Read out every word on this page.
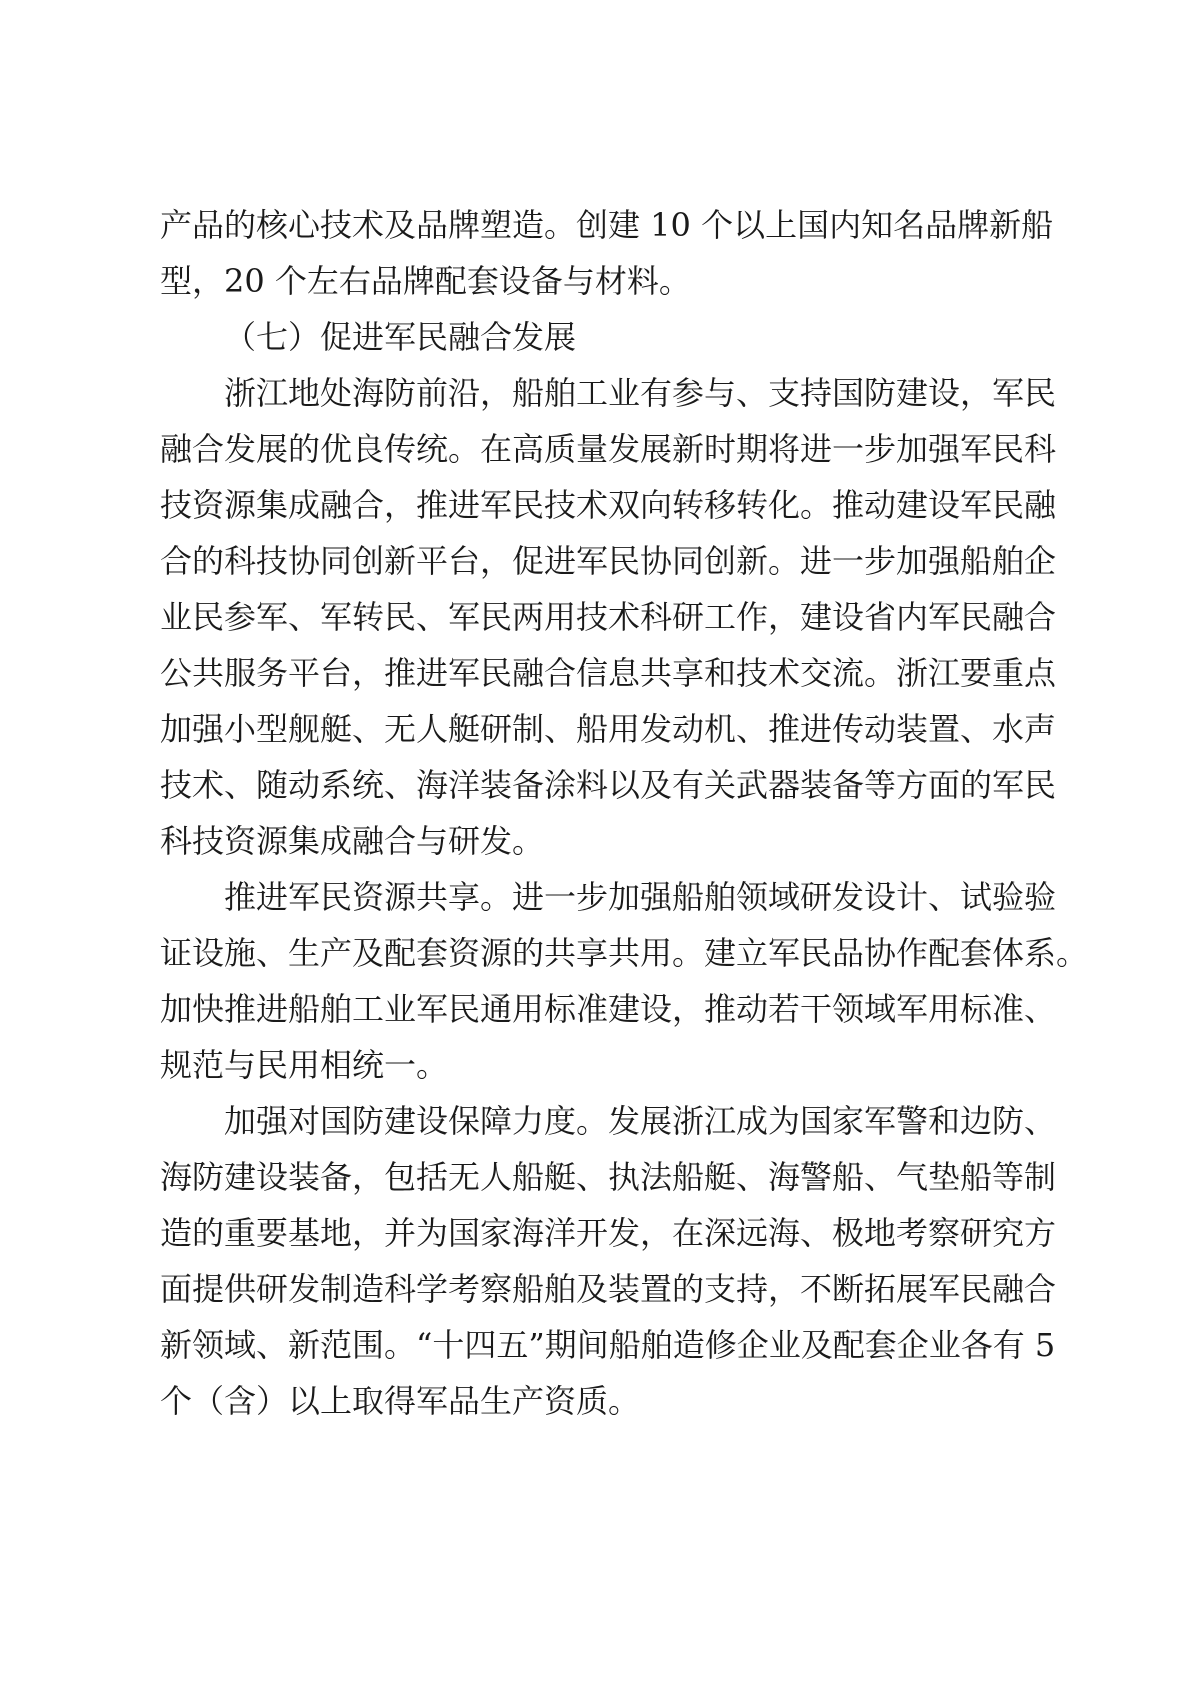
产品的核心技术及品牌塑造。创建 10 个以上国内知名品牌新船
型，20 个左右品牌配套设备与材料。
（七）促进军民融合发展
浙江地处海防前沿，船舶工业有参与、支持国防建设，军民
融合发展的优良传统。在高质量发展新时期将进一步加强军民科
技资源集成融合，推进军民技术双向转移转化。推动建设军民融
合的科技协同创新平台，促进军民协同创新。进一步加强船舶企
业民参军、军转民、军民两用技术科研工作，建设省内军民融合
公共服务平台，推进军民融合信息共享和技术交流。浙江要重点
加强小型舰艇、无人艇研制、船用发动机、推进传动装置、水声
技术、随动系统、海洋装备涂料以及有关武器装备等方面的军民
科技资源集成融合与研发。
推进军民资源共享。进一步加强船舶领域研发设计、试验验
证设施、生产及配套资源的共享共用。建立军民品协作配套体系。
加快推进船舶工业军民通用标准建设，推动若干领域军用标准、
规范与民用相统一。
加强对国防建设保障力度。发展浙江成为国家军警和边防、
海防建设装备，包括无人船艇、执法船艇、海警船、气垫船等制
造的重要基地，并为国家海洋开发，在深远海、极地考察研究方
面提供研发制造科学考察船舶及装置的支持，不断拓展军民融合
新领域、新范围。“十四五”期间船舶造修企业及配套企业各有 5
个（含）以上取得军品生产资质。
